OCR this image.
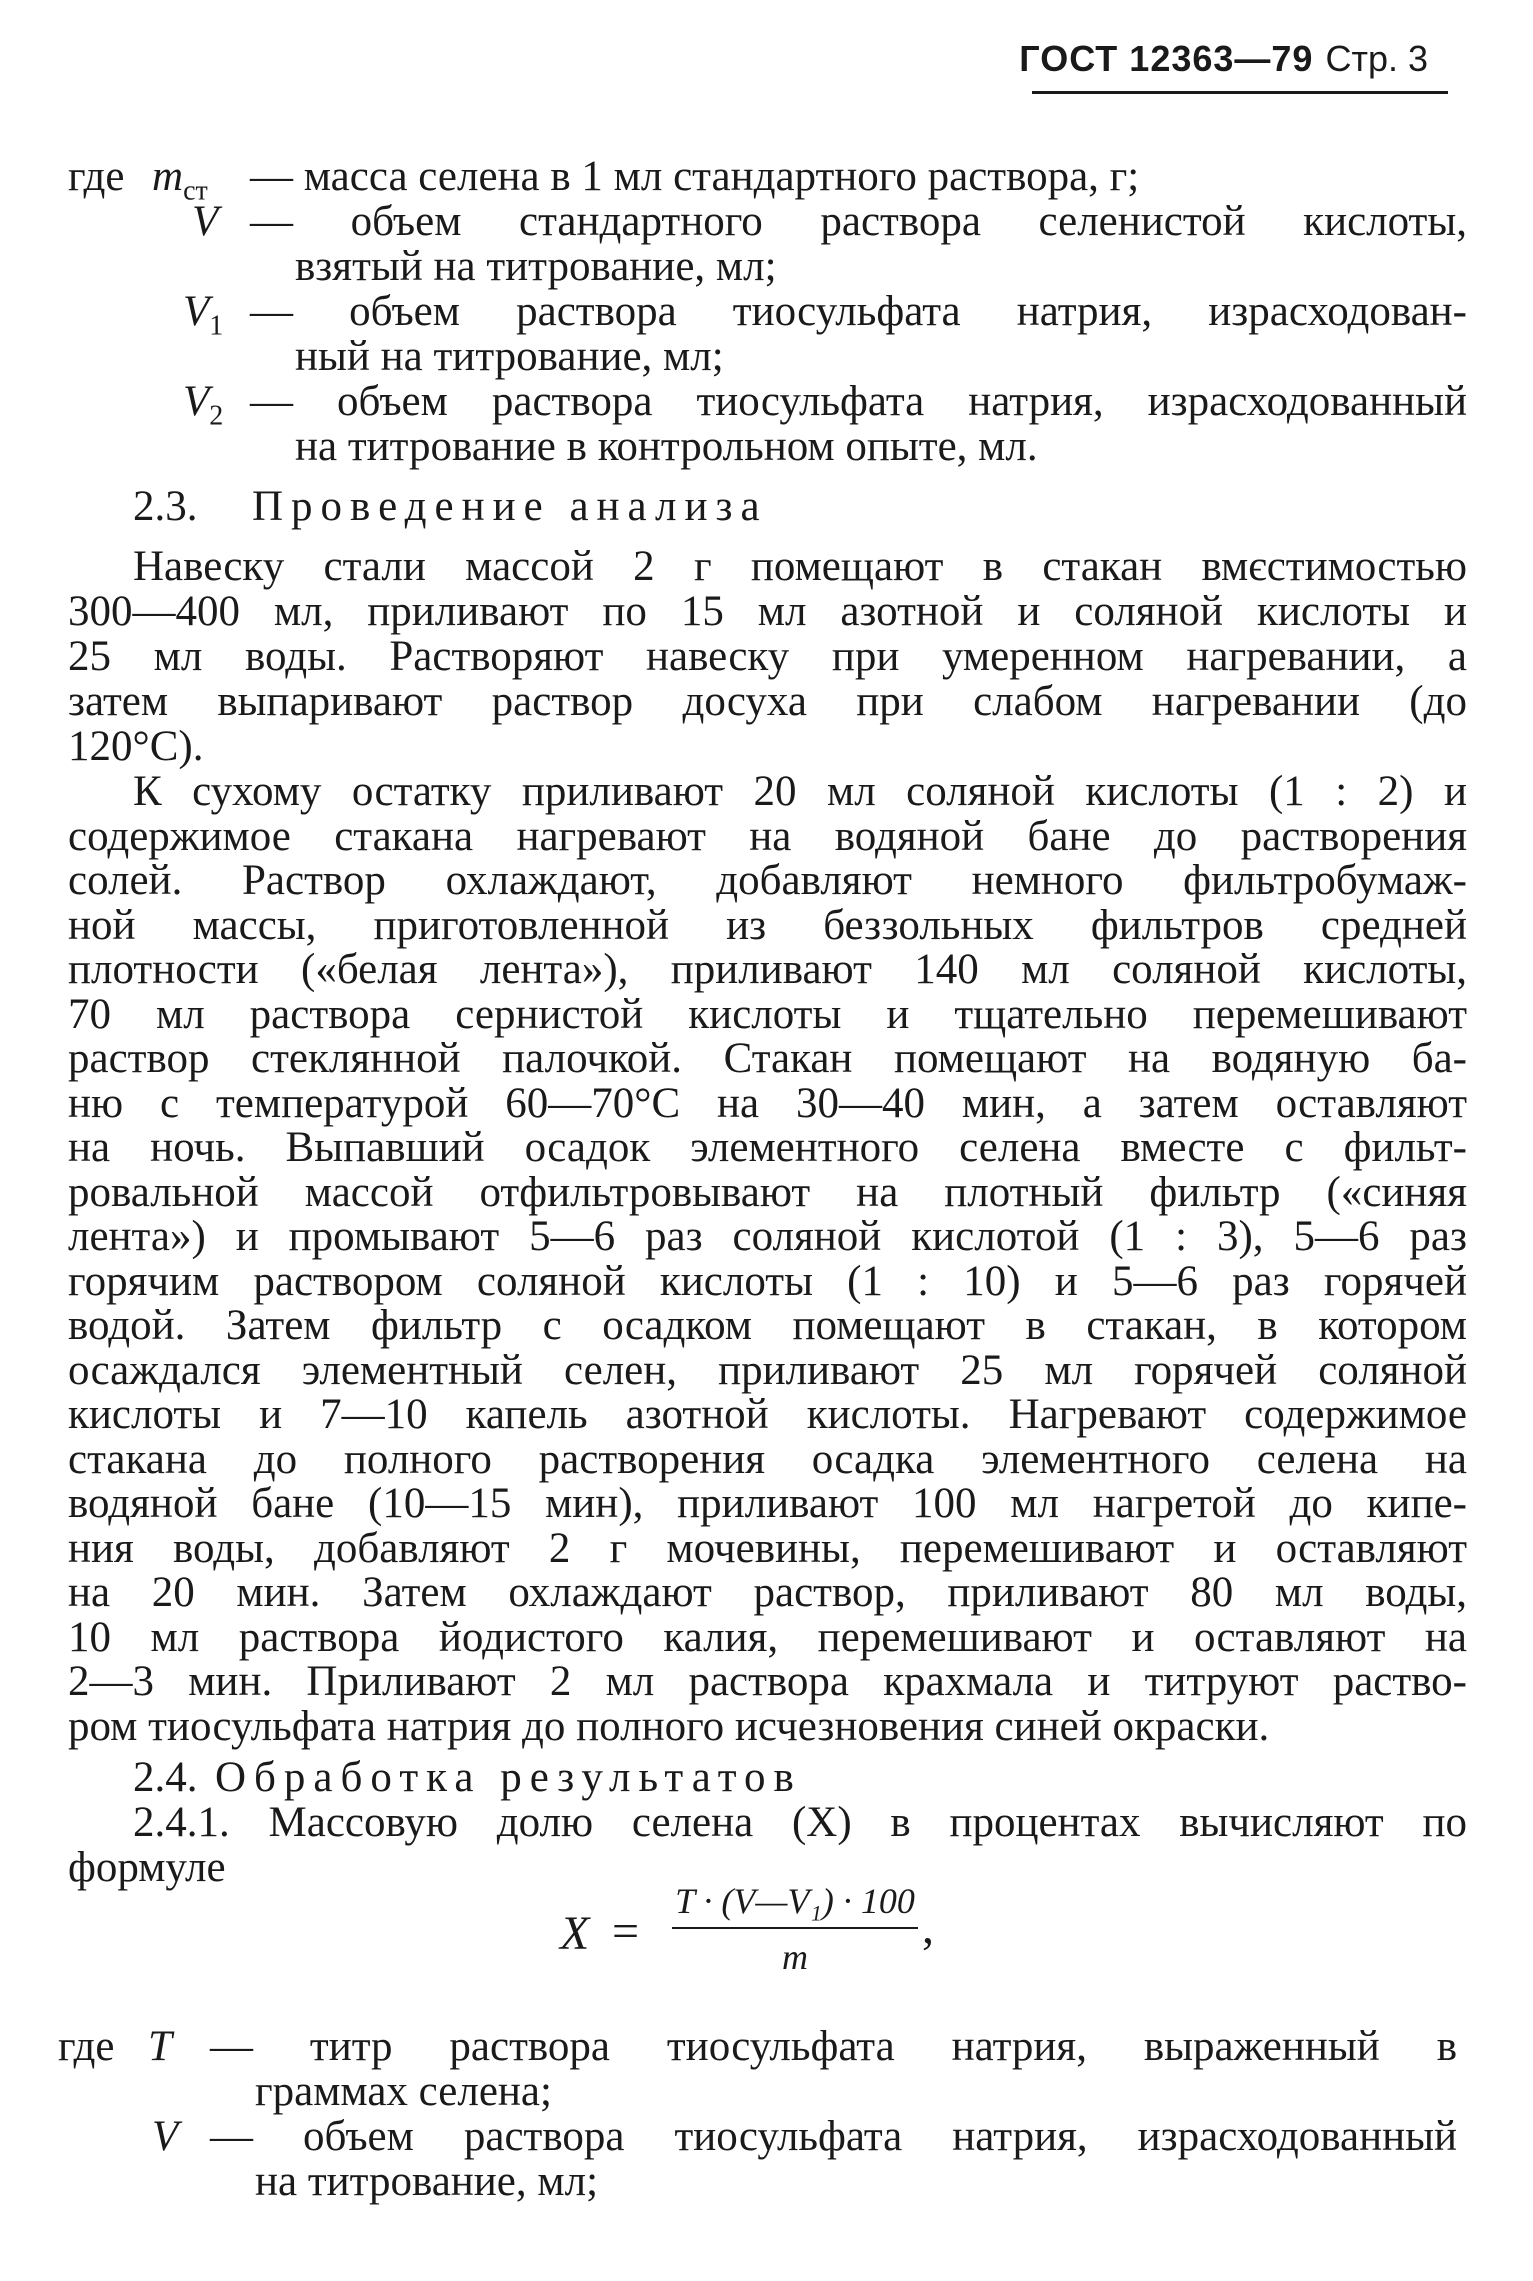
ГОСТ 12363—79 Стр. 3
где $m_{ст}$ — масса селена в 1 мл стандартного раствора, г;
V — объем стандартного раствора селенистой кислоты,
взятый на титрование, мл;
$V_1$ — объем раствора тиосульфата натрия, израсходован-
ный на титрование, мл;
$V_2$ — объем раствора тиосульфата натрия, израсходованный
на титрование в контрольном опыте, мл.
2.3. Проведение анализа
Навеску стали массой 2 г помещают в стакан вмєстимостью
300—400 мл, приливают по 15 мл азотной и соляной кислоты и
25 мл воды. Растворяют навеску при умеренном нагревании, а
затем выпаривают раствор досуха при слабом нагревании (до
120°С).
К сухому остатку приливают 20 мл соляной кислоты (1 : 2) и
содержимое стакана нагревают на водяной бане до растворения
солей. Раствор охлаждают, добавляют немного фильтробумаж-
ной массы, приготовленной из беззольных фильтров средней
плотности («белая лента»), приливают 140 мл соляной кислоты,
70 мл раствора сернистой кислоты и тщательно перемешивают
раствор стеклянной палочкой. Стакан помещают на водяную ба-
ню с температурой 60—70°С на 30—40 мин, а затем оставляют
на ночь. Выпавший осадок элементного селена вместе с фильт-
ровальной массой отфильтровывают на плотный фильтр («синяя
лента») и промывают 5—6 раз соляной кислотой (1 : 3), 5—6 раз
горячим раствором соляной кислоты (1 : 10) и 5—6 раз горячей
водой. Затем фильтр с осадком помещают в стакан, в котором
осаждался элементный селен, приливают 25 мл горячей соляной
кислоты и 7—10 капель азотной кислоты. Нагревают содержимое
стакана до полного растворения осадка элементного селена на
водяной бане (10—15 мин), приливают 100 мл нагретой до кипе-
ния воды, добавляют 2 г мочевины, перемешивают и оставляют
на 20 мин. Затем охлаждают раствор, приливают 80 мл воды,
10 мл раствора йодистого калия, перемешивают и оставляют на
2—3 мин. Приливают 2 мл раствора крахмала и титруют раство-
ром тиосульфата натрия до полного исчезновения синей окраски.
2.4. Обработка результатов
2.4.1. Массовую долю селена (X) в процентах вычисляют по
формуле
X =
T · (V—V₁) · 100
m
,
где T — титр раствора тиосульфата натрия, выраженный в
граммах селена;
V — объем раствора тиосульфата натрия, израсходованный
на титрование, мл;
